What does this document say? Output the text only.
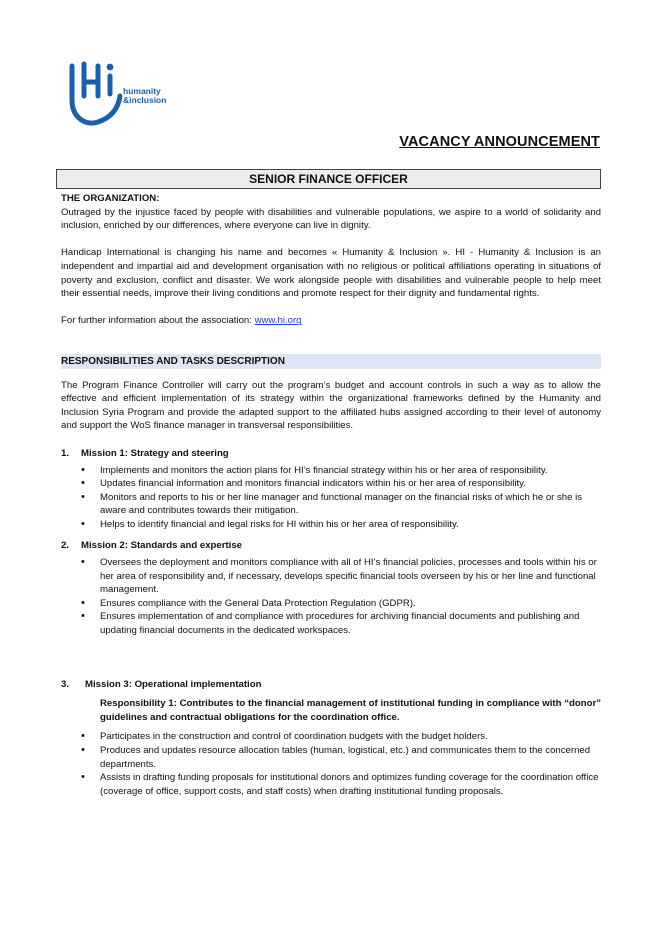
humanity
&inclusion
VACANCY ANNOUNCEMENT
SENIOR FINANCE OFFICER
THE ORGANIZATION:

Outraged by the injustice faced by people with disabilities and vulnerable populations, we aspire to a world of solidarity and inclusion, enriched by our differences, where everyone can live in dignity.

Handicap International is changing his name and becomes « Humanity & Inclusion ». HI - Humanity & Inclusion is an independent and impartial aid and development organisation with no religious or political affiliations operating in situations of poverty and exclusion, conflict and disaster. We work alongside people with disabilities and vulnerable people to help meet their essential needs, improve their living conditions and promote respect for their dignity and fundamental rights.

For further information about the association: www.hi.org

RESPONSIBILITIES AND TASKS DESCRIPTION

The Program Finance Controller will carry out the program’s budget and account controls in such a way as to allow the effective and efficient implementation of its strategy within the organizational frameworks defined by the Humanity and Inclusion Syria Program and provide the adapted support to the affiliated hubs assigned according to their level of autonomy and support the WoS finance manager in transversal responsibilities.

1.	Mission 1: Strategy and steering
• Implements and monitors the action plans for HI’s financial strategy within his or her area of responsibility.
• Updates financial information and monitors financial indicators within his or her area of responsibility.
• Monitors and reports to his or her line manager and functional manager on the financial risks of which he or she is aware and contributes towards their mitigation.
• Helps to identify financial and legal risks for HI within his or her area of responsibility.
2.	Mission 2: Standards and expertise
• Oversees the deployment and monitors compliance with all of HI’s financial policies, processes and tools within his or her area of responsibility and, if necessary, develops specific financial tools overseen by his or her line and functional management.
• Ensures compliance with the General Data Protection Regulation (GDPR).
• Ensures implementation of and compliance with procedures for archiving financial documents and publishing and updating financial documents in the dedicated workspaces.
3.	Mission 3: Operational implementation

Responsibility 1: Contributes to the financial management of institutional funding in compliance with “donor” guidelines and contractual obligations for the coordination office.

• Participates in the construction and control of coordination budgets with the budget holders.
• Produces and updates resource allocation tables (human, logistical, etc.) and communicates them to the concerned departments.
• Assists in drafting funding proposals for institutional donors and optimizes funding coverage for the coordination office (coverage of office, support costs, and staff costs) when drafting institutional funding proposals.
